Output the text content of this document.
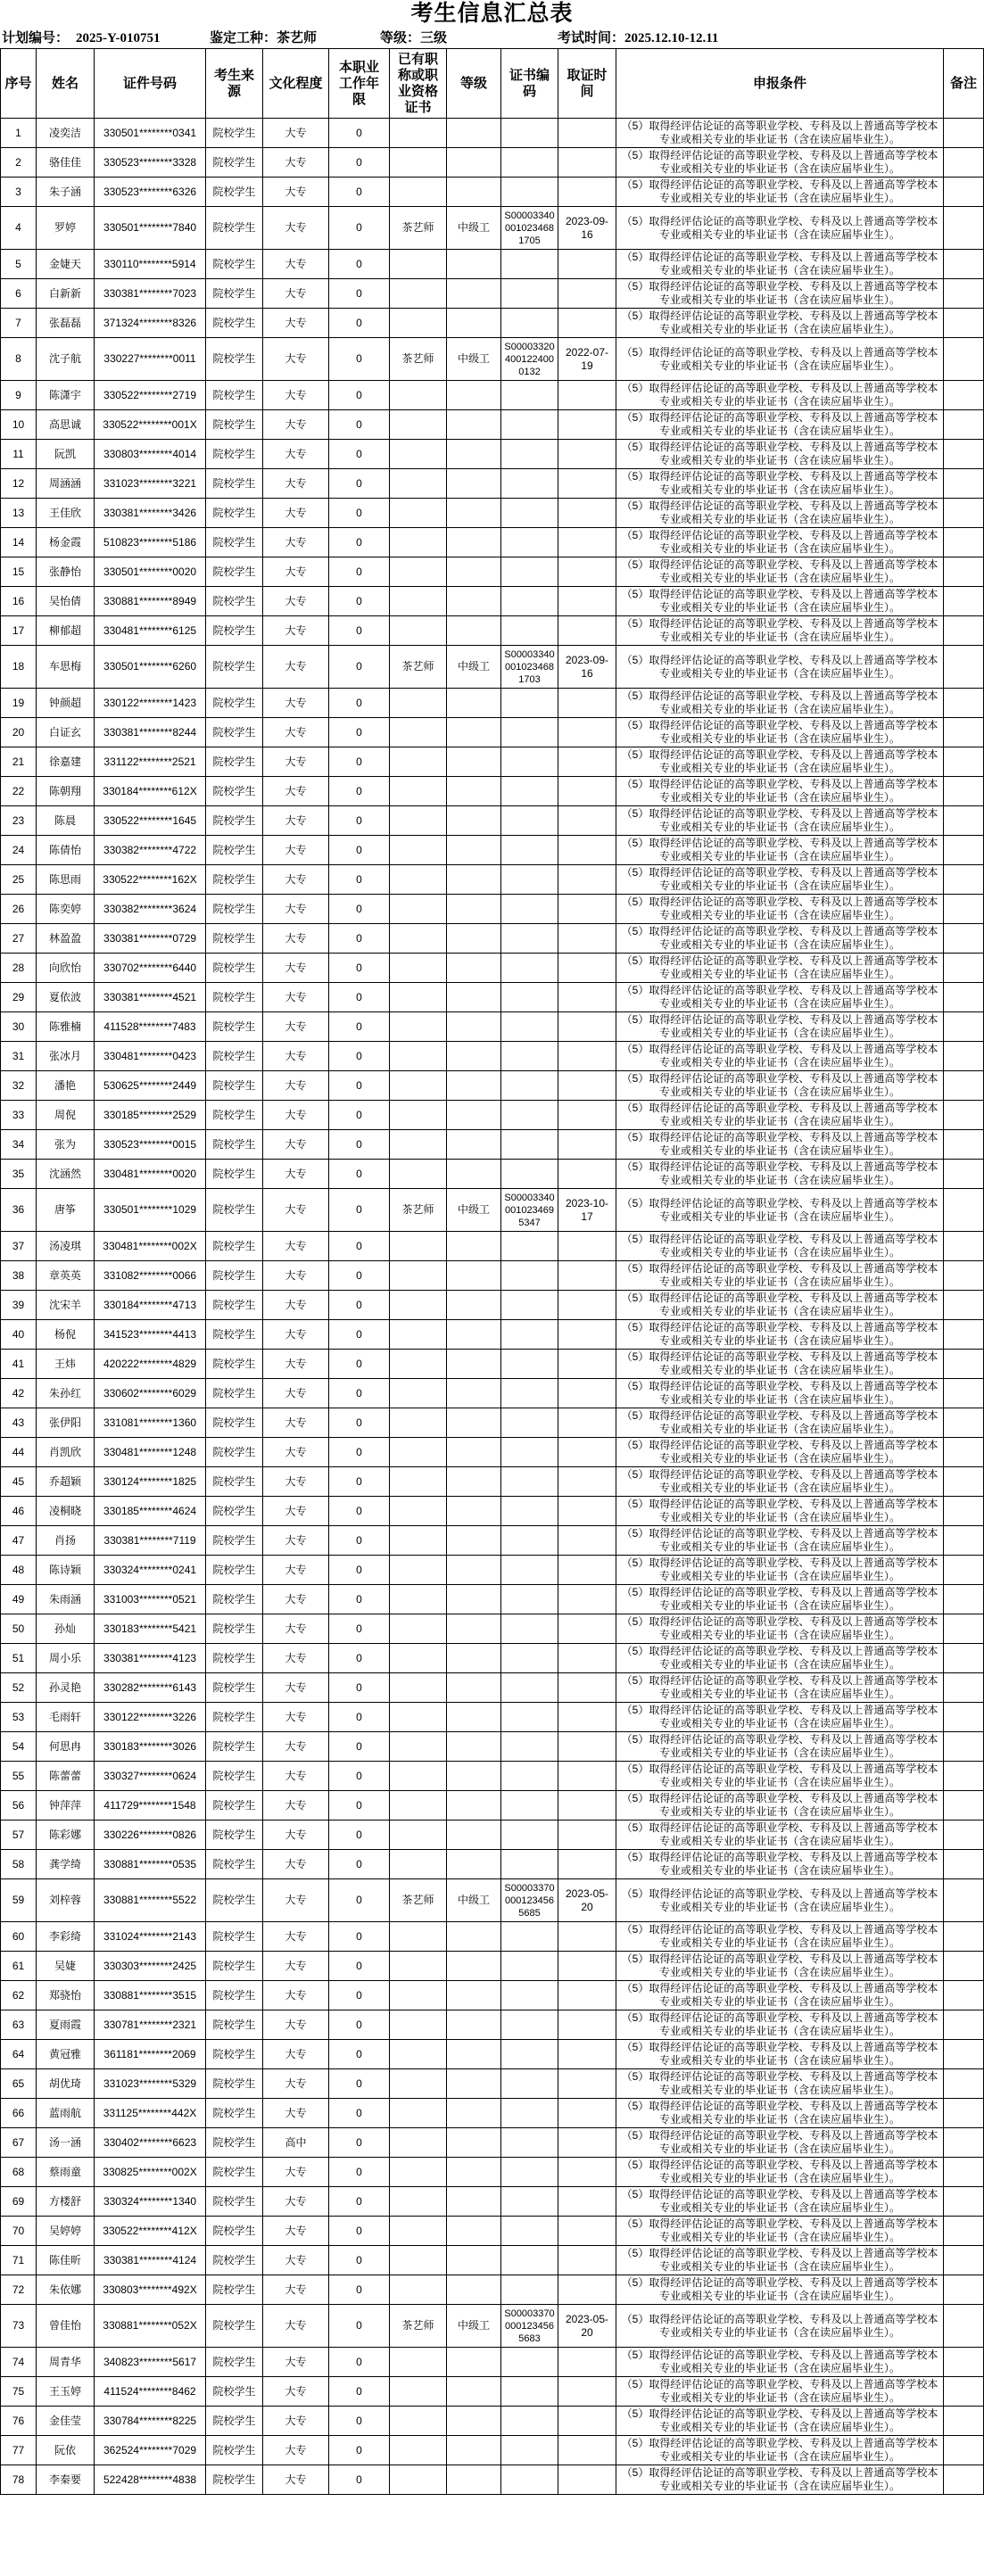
考生信息汇总表
计划编号： 2025-Y-010751	鉴定工种：茶艺师	等级：三级	考试时间：2025.12.10-12.11
序号	姓名	证件号码	考生来源	文化程度	本职业工作年限	已有职称或职业资格证书	等级	证书编码	取证时间	申报条件	备注

1	凌奕洁	330501********0341	院校学生	大专	0					（5）取得经评估论证的高等职业学校、专科及以上普通高等学校本专业或相关专业的毕业证书（含在读应届毕业生）。	

2	骆佳佳	330523********3328	院校学生	大专	0					（5）取得经评估论证的高等职业学校、专科及以上普通高等学校本专业或相关专业的毕业证书（含在读应届毕业生）。	

3	朱子涵	330523********6326	院校学生	大专	0					（5）取得经评估论证的高等职业学校、专科及以上普通高等学校本专业或相关专业的毕业证书（含在读应届毕业生）。	

4	罗婷	330501********7840	院校学生	大专	0	茶艺师	中级工	S000033400010234681705	2023-09-16	（5）取得经评估论证的高等职业学校、专科及以上普通高等学校本专业或相关专业的毕业证书（含在读应届毕业生）。	

5	金婕天	330110********5914	院校学生	大专	0					（5）取得经评估论证的高等职业学校、专科及以上普通高等学校本专业或相关专业的毕业证书（含在读应届毕业生）。	

6	白新新	330381********7023	院校学生	大专	0					（5）取得经评估论证的高等职业学校、专科及以上普通高等学校本专业或相关专业的毕业证书（含在读应届毕业生）。	

7	张磊磊	371324********8326	院校学生	大专	0					（5）取得经评估论证的高等职业学校、专科及以上普通高等学校本专业或相关专业的毕业证书（含在读应届毕业生）。	

8	沈子航	330227********0011	院校学生	大专	0	茶艺师	中级工	S000033204001224000132	2022-07-19	（5）取得经评估论证的高等职业学校、专科及以上普通高等学校本专业或相关专业的毕业证书（含在读应届毕业生）。	

9	陈潇宇	330522********2719	院校学生	大专	0					（5）取得经评估论证的高等职业学校、专科及以上普通高等学校本专业或相关专业的毕业证书（含在读应届毕业生）。	

10	高思诚	330522********001X	院校学生	大专	0					（5）取得经评估论证的高等职业学校、专科及以上普通高等学校本专业或相关专业的毕业证书（含在读应届毕业生）。	

11	阮凯	330803********4014	院校学生	大专	0					（5）取得经评估论证的高等职业学校、专科及以上普通高等学校本专业或相关专业的毕业证书（含在读应届毕业生）。	

12	周涵涵	331023********3221	院校学生	大专	0					（5）取得经评估论证的高等职业学校、专科及以上普通高等学校本专业或相关专业的毕业证书（含在读应届毕业生）。	

13	王佳欣	330381********3426	院校学生	大专	0					（5）取得经评估论证的高等职业学校、专科及以上普通高等学校本专业或相关专业的毕业证书（含在读应届毕业生）。	

14	杨金霞	510823********5186	院校学生	大专	0					（5）取得经评估论证的高等职业学校、专科及以上普通高等学校本专业或相关专业的毕业证书（含在读应届毕业生）。	

15	张静怡	330501********0020	院校学生	大专	0					（5）取得经评估论证的高等职业学校、专科及以上普通高等学校本专业或相关专业的毕业证书（含在读应届毕业生）。	

16	吴怡倩	330881********8949	院校学生	大专	0					（5）取得经评估论证的高等职业学校、专科及以上普通高等学校本专业或相关专业的毕业证书（含在读应届毕业生）。	

17	柳郁超	330481********6125	院校学生	大专	0					（5）取得经评估论证的高等职业学校、专科及以上普通高等学校本专业或相关专业的毕业证书（含在读应届毕业生）。	

18	车思梅	330501********6260	院校学生	大专	0	茶艺师	中级工	S000033400010234681703	2023-09-16	（5）取得经评估论证的高等职业学校、专科及以上普通高等学校本专业或相关专业的毕业证书（含在读应届毕业生）。	

19	钟颜超	330122********1423	院校学生	大专	0					（5）取得经评估论证的高等职业学校、专科及以上普通高等学校本专业或相关专业的毕业证书（含在读应届毕业生）。	

20	白证玄	330381********8244	院校学生	大专	0					（5）取得经评估论证的高等职业学校、专科及以上普通高等学校本专业或相关专业的毕业证书（含在读应届毕业生）。	

21	徐嘉建	331122********2521	院校学生	大专	0					（5）取得经评估论证的高等职业学校、专科及以上普通高等学校本专业或相关专业的毕业证书（含在读应届毕业生）。	

22	陈朝翔	330184********612X	院校学生	大专	0					（5）取得经评估论证的高等职业学校、专科及以上普通高等学校本专业或相关专业的毕业证书（含在读应届毕业生）。	

23	陈晨	330522********1645	院校学生	大专	0					（5）取得经评估论证的高等职业学校、专科及以上普通高等学校本专业或相关专业的毕业证书（含在读应届毕业生）。	

24	陈倩怡	330382********4722	院校学生	大专	0					（5）取得经评估论证的高等职业学校、专科及以上普通高等学校本专业或相关专业的毕业证书（含在读应届毕业生）。	

25	陈思雨	330522********162X	院校学生	大专	0					（5）取得经评估论证的高等职业学校、专科及以上普通高等学校本专业或相关专业的毕业证书（含在读应届毕业生）。	

26	陈奕婷	330382********3624	院校学生	大专	0					（5）取得经评估论证的高等职业学校、专科及以上普通高等学校本专业或相关专业的毕业证书（含在读应届毕业生）。	

27	林盈盈	330381********0729	院校学生	大专	0					（5）取得经评估论证的高等职业学校、专科及以上普通高等学校本专业或相关专业的毕业证书（含在读应届毕业生）。	

28	向欣怡	330702********6440	院校学生	大专	0					（5）取得经评估论证的高等职业学校、专科及以上普通高等学校本专业或相关专业的毕业证书（含在读应届毕业生）。	

29	夏依波	330381********4521	院校学生	大专	0					（5）取得经评估论证的高等职业学校、专科及以上普通高等学校本专业或相关专业的毕业证书（含在读应届毕业生）。	

30	陈雅楠	411528********7483	院校学生	大专	0					（5）取得经评估论证的高等职业学校、专科及以上普通高等学校本专业或相关专业的毕业证书（含在读应届毕业生）。	

31	张冰月	330481********0423	院校学生	大专	0					（5）取得经评估论证的高等职业学校、专科及以上普通高等学校本专业或相关专业的毕业证书（含在读应届毕业生）。	

32	潘艳	530625********2449	院校学生	大专	0					（5）取得经评估论证的高等职业学校、专科及以上普通高等学校本专业或相关专业的毕业证书（含在读应届毕业生）。	

33	周倪	330185********2529	院校学生	大专	0					（5）取得经评估论证的高等职业学校、专科及以上普通高等学校本专业或相关专业的毕业证书（含在读应届毕业生）。	

34	张为	330523********0015	院校学生	大专	0					（5）取得经评估论证的高等职业学校、专科及以上普通高等学校本专业或相关专业的毕业证书（含在读应届毕业生）。	

35	沈涵然	330481********0020	院校学生	大专	0					（5）取得经评估论证的高等职业学校、专科及以上普通高等学校本专业或相关专业的毕业证书（含在读应届毕业生）。	

36	唐筝	330501********1029	院校学生	大专	0	茶艺师	中级工	S000033400010234695347	2023-10-17	（5）取得经评估论证的高等职业学校、专科及以上普通高等学校本专业或相关专业的毕业证书（含在读应届毕业生）。	

37	汤凌琪	330481********002X	院校学生	大专	0					（5）取得经评估论证的高等职业学校、专科及以上普通高等学校本专业或相关专业的毕业证书（含在读应届毕业生）。	

38	章英英	331082********0066	院校学生	大专	0					（5）取得经评估论证的高等职业学校、专科及以上普通高等学校本专业或相关专业的毕业证书（含在读应届毕业生）。	

39	沈宋羊	330184********4713	院校学生	大专	0					（5）取得经评估论证的高等职业学校、专科及以上普通高等学校本专业或相关专业的毕业证书（含在读应届毕业生）。	

40	杨倪	341523********4413	院校学生	大专	0					（5）取得经评估论证的高等职业学校、专科及以上普通高等学校本专业或相关专业的毕业证书（含在读应届毕业生）。	

41	王炜	420222********4829	院校学生	大专	0					（5）取得经评估论证的高等职业学校、专科及以上普通高等学校本专业或相关专业的毕业证书（含在读应届毕业生）。	

42	朱孙红	330602********6029	院校学生	大专	0					（5）取得经评估论证的高等职业学校、专科及以上普通高等学校本专业或相关专业的毕业证书（含在读应届毕业生）。	

43	张伊阳	331081********1360	院校学生	大专	0					（5）取得经评估论证的高等职业学校、专科及以上普通高等学校本专业或相关专业的毕业证书（含在读应届毕业生）。	

44	肖凯欣	330481********1248	院校学生	大专	0					（5）取得经评估论证的高等职业学校、专科及以上普通高等学校本专业或相关专业的毕业证书（含在读应届毕业生）。	

45	乔超颖	330124********1825	院校学生	大专	0					（5）取得经评估论证的高等职业学校、专科及以上普通高等学校本专业或相关专业的毕业证书（含在读应届毕业生）。	

46	凌桐晓	330185********4624	院校学生	大专	0					（5）取得经评估论证的高等职业学校、专科及以上普通高等学校本专业或相关专业的毕业证书（含在读应届毕业生）。	

47	肖扬	330381********7119	院校学生	大专	0					（5）取得经评估论证的高等职业学校、专科及以上普通高等学校本专业或相关专业的毕业证书（含在读应届毕业生）。	

48	陈诗颖	330324********0241	院校学生	大专	0					（5）取得经评估论证的高等职业学校、专科及以上普通高等学校本专业或相关专业的毕业证书（含在读应届毕业生）。	

49	朱雨涵	331003********0521	院校学生	大专	0					（5）取得经评估论证的高等职业学校、专科及以上普通高等学校本专业或相关专业的毕业证书（含在读应届毕业生）。	

50	孙灿	330183********5421	院校学生	大专	0					（5）取得经评估论证的高等职业学校、专科及以上普通高等学校本专业或相关专业的毕业证书（含在读应届毕业生）。	

51	周小乐	330381********4123	院校学生	大专	0					（5）取得经评估论证的高等职业学校、专科及以上普通高等学校本专业或相关专业的毕业证书（含在读应届毕业生）。	

52	孙灵艳	330282********6143	院校学生	大专	0					（5）取得经评估论证的高等职业学校、专科及以上普通高等学校本专业或相关专业的毕业证书（含在读应届毕业生）。	

53	毛雨轩	330122********3226	院校学生	大专	0					（5）取得经评估论证的高等职业学校、专科及以上普通高等学校本专业或相关专业的毕业证书（含在读应届毕业生）。	

54	何思冉	330183********3026	院校学生	大专	0					（5）取得经评估论证的高等职业学校、专科及以上普通高等学校本专业或相关专业的毕业证书（含在读应届毕业生）。	

55	陈蕾蕾	330327********0624	院校学生	大专	0					（5）取得经评估论证的高等职业学校、专科及以上普通高等学校本专业或相关专业的毕业证书（含在读应届毕业生）。	

56	钟萍萍	411729********1548	院校学生	大专	0					（5）取得经评估论证的高等职业学校、专科及以上普通高等学校本专业或相关专业的毕业证书（含在读应届毕业生）。	

57	陈彩娜	330226********0826	院校学生	大专	0					（5）取得经评估论证的高等职业学校、专科及以上普通高等学校本专业或相关专业的毕业证书（含在读应届毕业生）。	

58	龚学绮	330881********0535	院校学生	大专	0					（5）取得经评估论证的高等职业学校、专科及以上普通高等学校本专业或相关专业的毕业证书（含在读应届毕业生）。	

59	刘梓蓉	330881********5522	院校学生	大专	0	茶艺师	中级工	S000033700001234565685	2023-05-20	（5）取得经评估论证的高等职业学校、专科及以上普通高等学校本专业或相关专业的毕业证书（含在读应届毕业生）。	

60	李彩绮	331024********2143	院校学生	大专	0					（5）取得经评估论证的高等职业学校、专科及以上普通高等学校本专业或相关专业的毕业证书（含在读应届毕业生）。	

61	吴婕	330303********2425	院校学生	大专	0					（5）取得经评估论证的高等职业学校、专科及以上普通高等学校本专业或相关专业的毕业证书（含在读应届毕业生）。	

62	郑骁怡	330881********3515	院校学生	大专	0					（5）取得经评估论证的高等职业学校、专科及以上普通高等学校本专业或相关专业的毕业证书（含在读应届毕业生）。	

63	夏雨霞	330781********2321	院校学生	大专	0					（5）取得经评估论证的高等职业学校、专科及以上普通高等学校本专业或相关专业的毕业证书（含在读应届毕业生）。	

64	黄冠雅	361181********2069	院校学生	大专	0					（5）取得经评估论证的高等职业学校、专科及以上普通高等学校本专业或相关专业的毕业证书（含在读应届毕业生）。	

65	胡优琦	331023********5329	院校学生	大专	0					（5）取得经评估论证的高等职业学校、专科及以上普通高等学校本专业或相关专业的毕业证书（含在读应届毕业生）。	

66	蓝雨航	331125********442X	院校学生	大专	0					（5）取得经评估论证的高等职业学校、专科及以上普通高等学校本专业或相关专业的毕业证书（含在读应届毕业生）。	

67	汤一涵	330402********6623	院校学生	高中	0					（5）取得经评估论证的高等职业学校、专科及以上普通高等学校本专业或相关专业的毕业证书（含在读应届毕业生）。	

68	蔡雨童	330825********002X	院校学生	大专	0					（5）取得经评估论证的高等职业学校、专科及以上普通高等学校本专业或相关专业的毕业证书（含在读应届毕业生）。	

69	方楼舒	330324********1340	院校学生	大专	0					（5）取得经评估论证的高等职业学校、专科及以上普通高等学校本专业或相关专业的毕业证书（含在读应届毕业生）。	

70	吴婷婷	330522********412X	院校学生	大专	0					（5）取得经评估论证的高等职业学校、专科及以上普通高等学校本专业或相关专业的毕业证书（含在读应届毕业生）。	

71	陈佳昕	330381********4124	院校学生	大专	0					（5）取得经评估论证的高等职业学校、专科及以上普通高等学校本专业或相关专业的毕业证书（含在读应届毕业生）。	

72	朱依娜	330803********492X	院校学生	大专	0					（5）取得经评估论证的高等职业学校、专科及以上普通高等学校本专业或相关专业的毕业证书（含在读应届毕业生）。	

73	曾佳怡	330881********052X	院校学生	大专	0	茶艺师	中级工	S000033700001234565683	2023-05-20	（5）取得经评估论证的高等职业学校、专科及以上普通高等学校本专业或相关专业的毕业证书（含在读应届毕业生）。	

74	周青华	340823********5617	院校学生	大专	0					（5）取得经评估论证的高等职业学校、专科及以上普通高等学校本专业或相关专业的毕业证书（含在读应届毕业生）。	

75	王玉婷	411524********8462	院校学生	大专	0					（5）取得经评估论证的高等职业学校、专科及以上普通高等学校本专业或相关专业的毕业证书（含在读应届毕业生）。	

76	金佳莹	330784********8225	院校学生	大专	0					（5）取得经评估论证的高等职业学校、专科及以上普通高等学校本专业或相关专业的毕业证书（含在读应届毕业生）。	

77	阮依	362524********7029	院校学生	大专	0					（5）取得经评估论证的高等职业学校、专科及以上普通高等学校本专业或相关专业的毕业证书（含在读应届毕业生）。	

78	李秦要	522428********4838	院校学生	大专	0					（5）取得经评估论证的高等职业学校、专科及以上普通高等学校本专业或相关专业的毕业证书（含在读应届毕业生）。	
